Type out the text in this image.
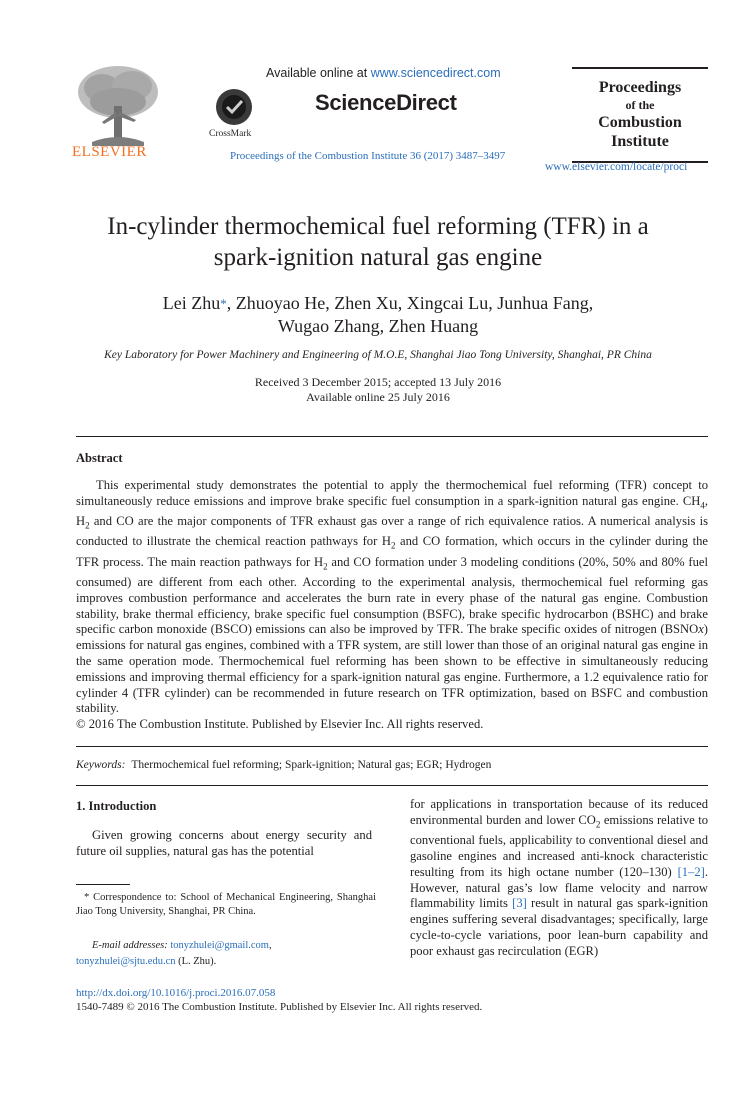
ELSEVIER
Available online at www.sciencedirect.com
CrossMark
ScienceDirect
Proceedings of the Combustion Institute 36 (2017) 3487–3497
Proceedings
of the
Combustion
Institute
www.elsevier.com/locate/proci
In-cylinder thermochemical fuel reforming (TFR) in a
spark-ignition natural gas engine
Lei Zhu*, Zhuoyao He, Zhen Xu, Xingcai Lu, Junhua Fang,
Wugao Zhang, Zhen Huang
Key Laboratory for Power Machinery and Engineering of M.O.E, Shanghai Jiao Tong University, Shanghai, PR China
Received 3 December 2015; accepted 13 July 2016
Available online 25 July 2016
Abstract

This experimental study demonstrates the potential to apply the thermochemical fuel reforming (TFR) concept to simultaneously reduce emissions and improve brake specific fuel consumption in a spark-ignition natural gas engine. $CH_4$, $H_2$ and CO are the major components of TFR exhaust gas over a range of rich equivalence ratios. A numerical analysis is conducted to illustrate the chemical reaction pathways for $H_2$ and CO formation, which occurs in the cylinder during the TFR process. The main reaction pathways for $H_2$ and CO formation under 3 modeling conditions (20%, 50% and 80% fuel consumed) are different from each other. According to the experimental analysis, thermochemical fuel reforming gas improves combustion performance and accelerates the burn rate in every phase of the natural gas engine. Combustion stability, brake thermal efficiency, brake specific fuel consumption (BSFC), brake specific hydrocarbon (BSHC) and brake specific carbon monoxide (BSCO) emissions can also be improved by TFR. The brake specific oxides of nitrogen (BSNOx) emissions for natural gas engines, combined with a TFR system, are still lower than those of an original natural gas engine in the same operation mode. Thermochemical fuel reforming has been shown to be effective in simultaneously reducing emissions and improving thermal efficiency for a spark-ignition natural gas engine. Furthermore, a 1.2 equivalence ratio for cylinder 4 (TFR cylinder) can be recommended in future research on TFR optimization, based on BSFC and combustion stability.

© 2016 The Combustion Institute. Published by Elsevier Inc. All rights reserved.
Keywords: Thermochemical fuel reforming; Spark-ignition; Natural gas; EGR; Hydrogen
1. Introduction
Given growing concerns about energy security and future oil supplies, natural gas has the potential
* Correspondence to: School of Mechanical Engineering, Shanghai Jiao Tong University, Shanghai, PR China.
E-mail addresses: tonyzhulei@gmail.com,
tonyzhulei@sjtu.edu.cn (L. Zhu).
for applications in transportation because of its reduced environmental burden and lower $CO_2$ emissions relative to conventional fuels, applicability to conventional diesel and gasoline engines and increased anti-knock characteristic resulting from its high octane number (120–130) [1–2]. However, natural gas’s low flame velocity and narrow flammability limits [3] result in natural gas spark-ignition engines suffering several disadvantages; specifically, large cycle-to-cycle variations, poor lean-burn capability and poor exhaust gas recirculation (EGR)
http://dx.doi.org/10.1016/j.proci.2016.07.058
1540-7489 © 2016 The Combustion Institute. Published by Elsevier Inc. All rights reserved.
